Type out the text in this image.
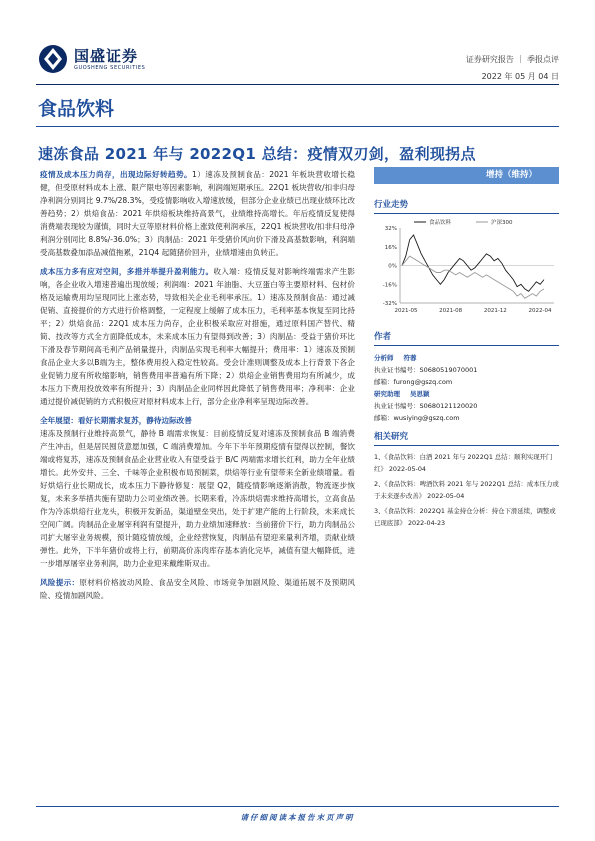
国盛证券
GUOSHENG SECURITIES
证券研究报告 ｜ 季报点评
2022 年 05 月 04 日
食品饮料
速冻食品 2021 年与 2022Q1 总结：疫情双刃剑，盈利现拐点

疫情及成本压力尚存，出现边际好转趋势。1）速冻及预制食品：2021 年板块营收增长稳健，但受原材料成本上涨、限产限电等因素影响，利润端短期承压。22Q1 板块营收/扣非归母净利润分别同比 9.7%/28.3%，受疫情影响收入增速放缓，但部分企业业绩已出现业绩环比改善趋势；2）烘焙食品：2021 年烘焙板块维持高景气，业绩维持高增长。年后疫情反复使得消费端表现较为谨慎，同时大豆等原材料价格上涨致使利润承压，22Q1 板块营收/扣非归母净利润分别同比 8.8%/-36.0%；3）肉制品：2021 年受猪价风向价下滑及高基数影响，利润端受高基数叠加添品减值拖累，21Q4 起随猪价回升，业绩增速由负转正。

成本压力多有应对空间，多措并举提升盈利能力。收入端：疫情反复对影响终端需求产生影响，各企业收入增速普遍出现放缓；利润端：2021 年油脂、大豆蛋白等主要原材料、包材价格及运输费用均呈现同比上涨态势，导致相关企业毛利率承压。1）速冻及预制食品：通过减促销、直接提价的方式进行价格调整，一定程度上缓解了成本压力，毛利率基本恢复至同比持平；2）烘焙食品：22Q1 成本压力尚存，企业积极采取应对措施，通过原料国产替代、精简、技改等方式全方面降低成本，未来成本压力有望得到改善；3）肉制品：受益于猪价环比下滑及春节期间高毛利产品销量提升，肉制品实现毛利率大幅提升；费用率：1）速冻及预制食品企业大多以B端为主，整体费用投入稳定性较高。受会计准则调整及成本上行背景下各企业促销力度有所收缩影响，销售费用率普遍有所下降；2）烘焙企业销售费用均有所减少，成本压力下费用投放效率有所提升；3）肉制品企业同样因此降低了销售费用率；净利率：企业通过提价减促销的方式积极应对原材料成本上行，部分企业净利率呈现边际改善。

全年展望：看好长期需求复苏，静待边际改善
速冻及预制行业维持高景气，静待 B 端需求恢复：目前疫情反复对速冻及预制食品 B 端消费产生冲击，但是居民囤货意愿加强，C 端消费增加。今年下半年预期疫情有望得以控制，餐饮端或将复苏，速冻及预制食品企业营业收入有望受益于 B/C 两端需求增长红利，助力全年业绩增长。此外安井、三全、千味等企业积极布局预制菜，烘焙等行业有望带来全新业绩增量。看好烘焙行业长期成长，成本压力下静待修复：展望 Q2，随疫情影响逐渐消散，物流逐步恢复，未来多举措共施有望助力公司业绩改善。长期来看，冷冻烘焙需求维持高增长，立高食品作为冷冻烘焙行业龙头，积极开发新品，渠道壁垒突出，处于扩建产能的上行阶段，未来成长空间广阔。肉制品企业屠宰利润有望提升，助力业绩加速释放：当前猪价下行，助力肉制品公司扩大屠宰业务规模，预计随疫情放缓，企业经营恢复，肉制品有望迎来量利齐增，贡献业绩弹性。此外，下半年猪价或将上行，前期高价冻肉库存基本消化完毕，减值有望大幅降低，进一步增厚屠宰业务利润，助力企业迎来戴维斯双击。

风险提示：原材料价格波动风险、食品安全风险、市场竞争加剧风险、渠道拓展不及预期风险、疫情加剧风险。

增持（维持）
行业走势
32%
16%
0%
-16%
-32%
2021-05	2021-08	2021-12	2022-04
食品饮料	沪深300
作者
分析师 符蓉
执业证书编号：S0680519070001
邮箱：furong@gszq.com
研究助理 吴思颖
执业证书编号：S0680121120020
邮箱：wusiying@gszq.com
相关研究
1、《食品饮料：白酒 2021 年与 2022Q1 总结：顺利实现开门红》 2022-05-04
2、《食品饮料：啤酒饮料 2021 年与 2022Q1 总结：成本压力或于未来逐步改善》 2022-05-04
3、《食品饮料：2022Q1 基金持仓分析：持仓下滑延续，调整或已现底部》 2022-04-23
请仔细阅读本报告末页声明
